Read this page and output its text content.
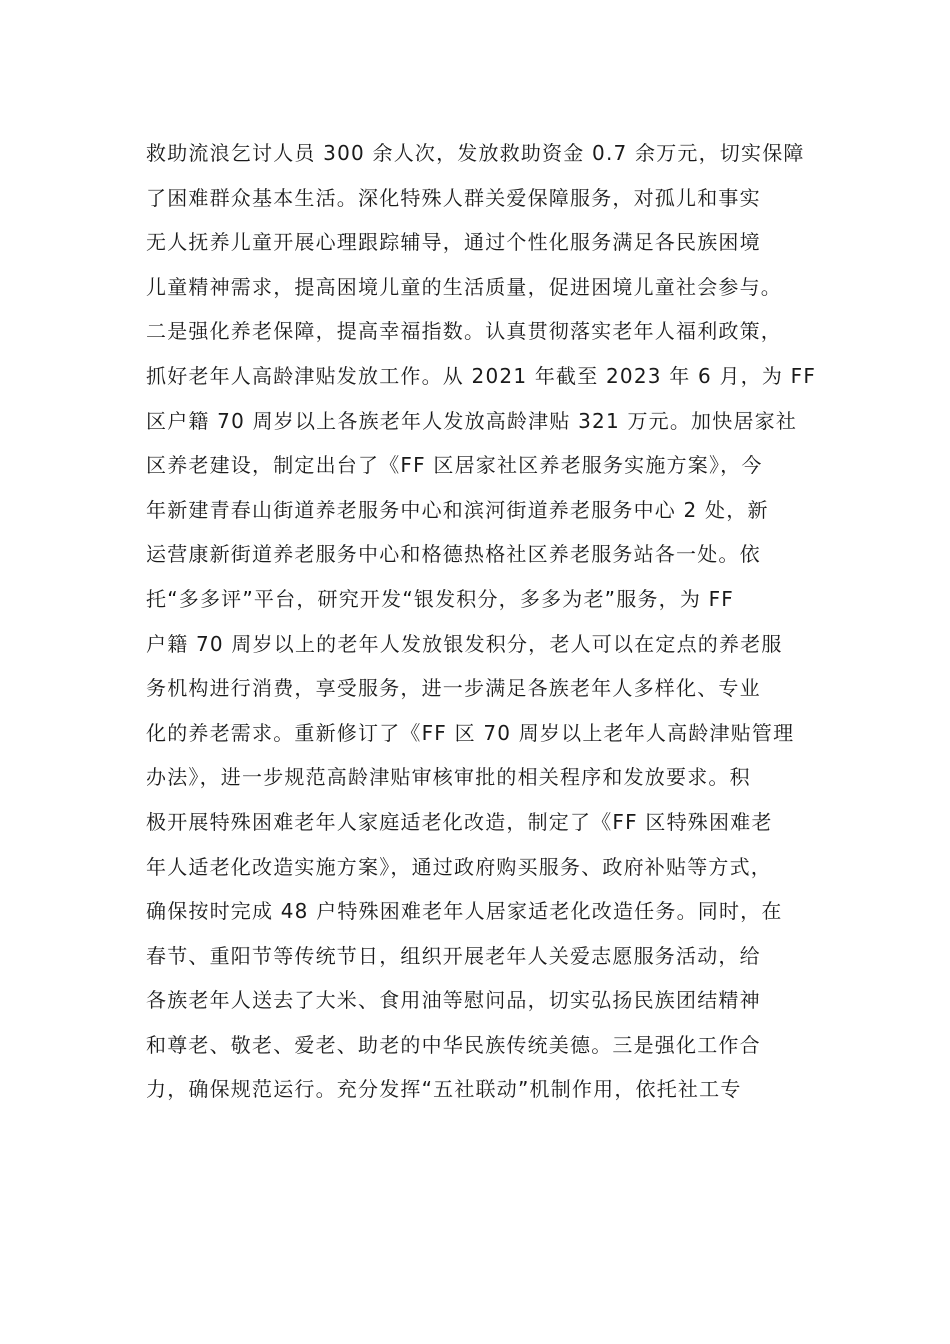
救助流浪乞讨人员 300 余人次，发放救助资金 0.7 余万元，切实保障
了困难群众基本生活。深化特殊人群关爱保障服务，对孤儿和事实
无人抚养儿童开展心理跟踪辅导，通过个性化服务满足各民族困境
儿童精神需求，提高困境儿童的生活质量，促进困境儿童社会参与。
二是强化养老保障，提高幸福指数。认真贯彻落实老年人福利政策，
抓好老年人高龄津贴发放工作。从 2021 年截至 2023 年 6 月，为 FF
区户籍 70 周岁以上各族老年人发放高龄津贴 321 万元。加快居家社
区养老建设，制定出台了《FF 区居家社区养老服务实施方案》，今
年新建青春山街道养老服务中心和滨河街道养老服务中心 2 处，新
运营康新街道养老服务中心和格德热格社区养老服务站各一处。依
托“多多评”平台，研究开发“银发积分，多多为老”服务，为 FF
户籍 70 周岁以上的老年人发放银发积分，老人可以在定点的养老服
务机构进行消费，享受服务，进一步满足各族老年人多样化、专业
化的养老需求。重新修订了《FF 区 70 周岁以上老年人高龄津贴管理
办法》，进一步规范高龄津贴审核审批的相关程序和发放要求。积
极开展特殊困难老年人家庭适老化改造，制定了《FF 区特殊困难老
年人适老化改造实施方案》，通过政府购买服务、政府补贴等方式，
确保按时完成 48 户特殊困难老年人居家适老化改造任务。同时，在
春节、重阳节等传统节日，组织开展老年人关爱志愿服务活动，给
各族老年人送去了大米、食用油等慰问品，切实弘扬民族团结精神
和尊老、敬老、爱老、助老的中华民族传统美德。三是强化工作合
力，确保规范运行。充分发挥“五社联动”机制作用，依托社工专
